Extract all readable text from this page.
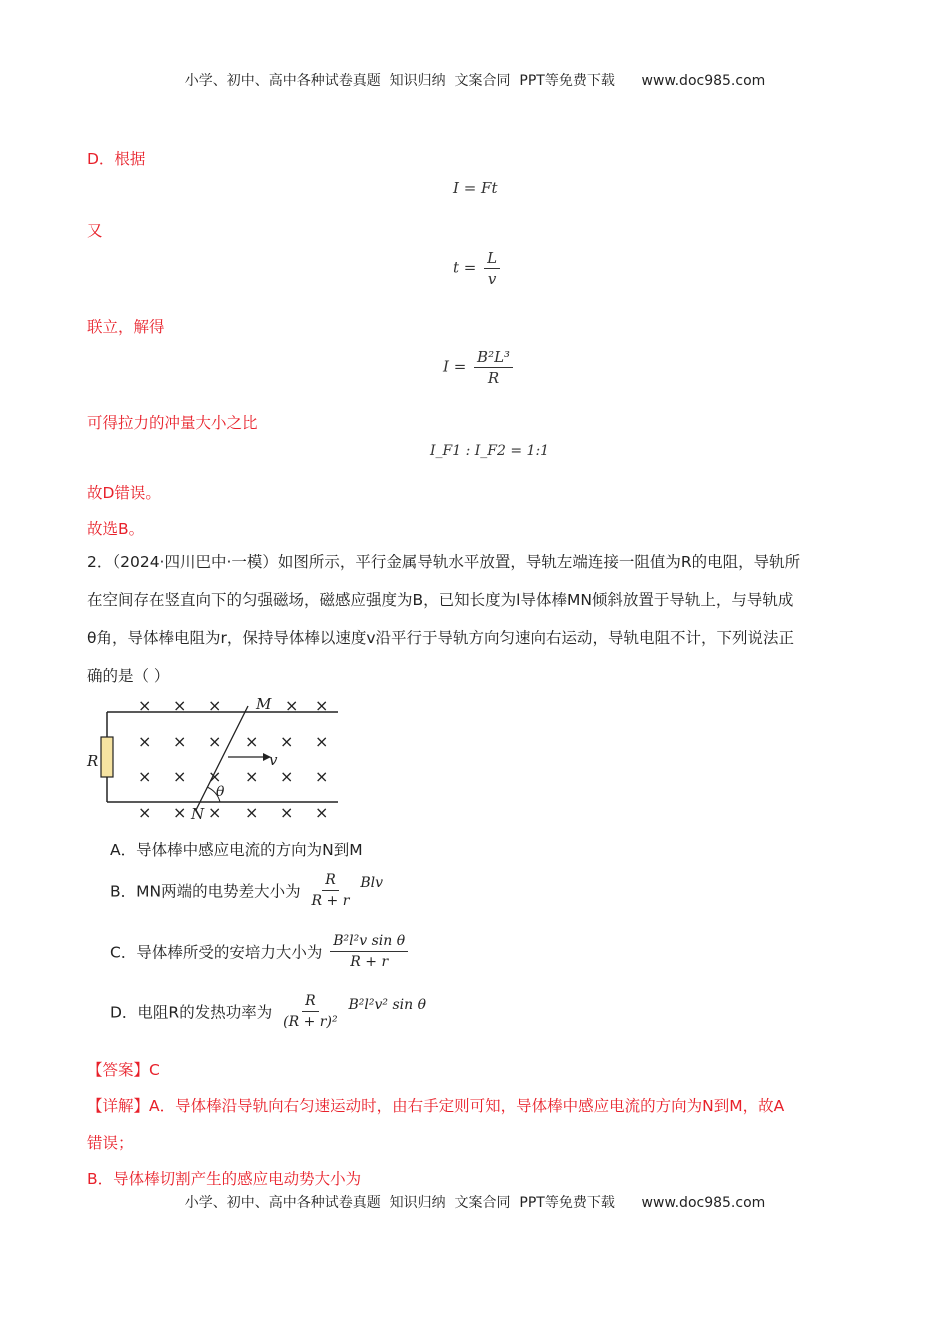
小学、初中、高中各种试卷真题  知识归纳  文案合同  PPT等免费下载      www.doc985.com
D．根据
I = Ft
又
$t = \frac{L}{v}$
联立，解得
$I = \frac{\text{B²L³}}{R}$
可得拉力的冲量大小之比
I_F1 : I_F2 = 1:1
故D错误。
故选B。
2．（2024·四川巴中·一模）如图所示，平行金属导轨水平放置，导轨左端连接一阻值为R的电阻，导轨所
在空间存在竖直向下的匀强磁场，磁感应强度为B，已知长度为l导体棒MN倾斜放置于导轨上，与导轨成
θ角，导体棒电阻为r，保持导体棒以速度v沿平行于导轨方向匀速向右运动，导轨电阻不计，下列说法正
确的是（ ）
R
M
N
v
θ
× × ×	× ×
× × × × × ×
× × × × × ×
× × × × × ×
A．导体棒中感应电流的方向为N到M
B．MN两端的电势差大小为 $\frac{R}{R + r}$ Blv
C．导体棒所受的安培力大小为 $\frac{\text{B²l²v sin θ}}{R + r}$
D．电阻R的发热功率为 $\frac{R}{\text{(R + r)²}} B^2l^2v^2$ sin θ
【答案】C
【详解】A．导体棒沿导轨向右匀速运动时，由右手定则可知，导体棒中感应电流的方向为N到M，故A
错误；
B．导体棒切割产生的感应电动势大小为
小学、初中、高中各种试卷真题  知识归纳  文案合同  PPT等免费下载      www.doc985.com
